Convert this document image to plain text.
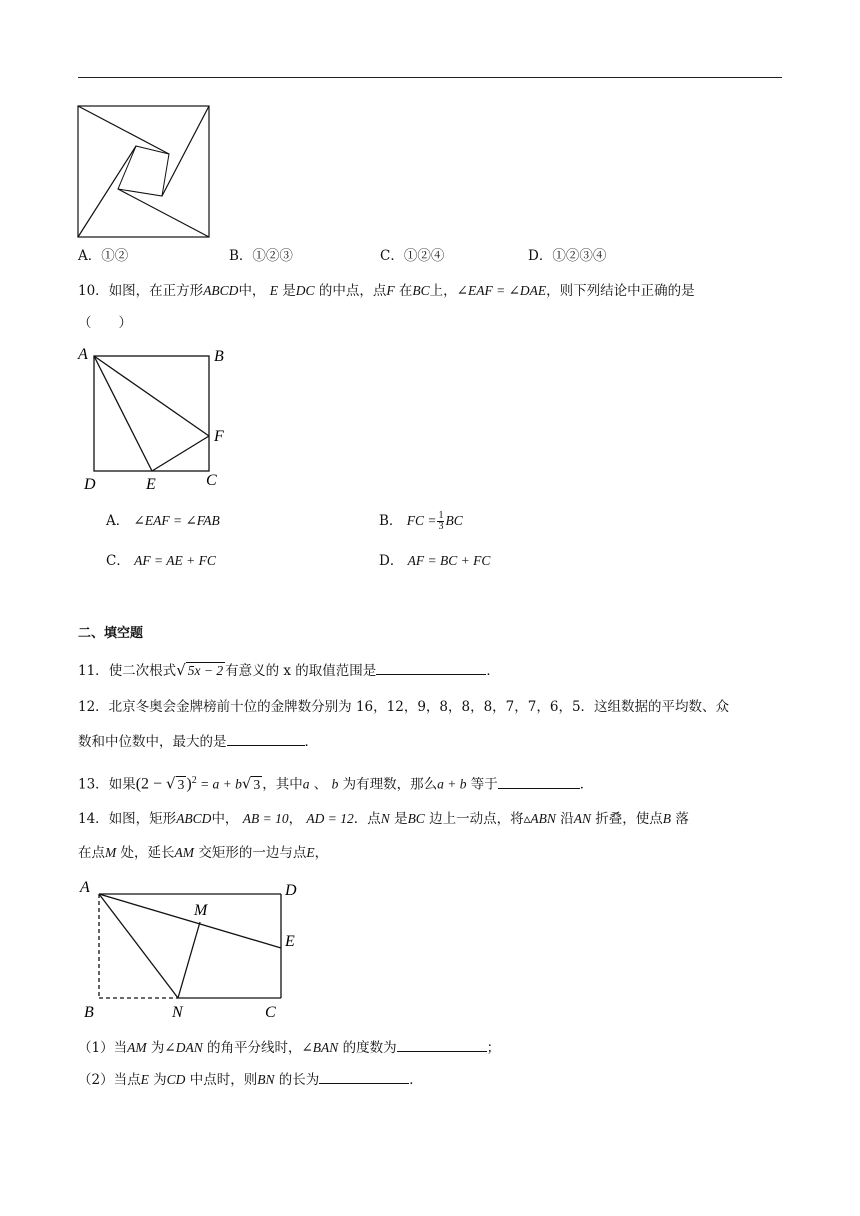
A．①②	B．①②③	C．①②④	D．①②③④
10．如图，在正方形ABCD中， E 是DC 的中点，点F 在BC上，∠EAF = ∠DAE，则下列结论中正确的是
（　　）
A	B
F
D	E	C
A． ∠EAF = ∠FAB	B． FC = $\frac{1}{3}$ BC
C． AF = AE + FC	D． AF = BC + FC
二、填空题
11．使二次根式√ 5x − 2 有意义的 x 的取值范围是	．
12．北京冬奥会金牌榜前十位的金牌数分别为 16，12，9，8，8，8，7，7，6，5．这组数据的平均数、众
数和中位数中，最大的是	．
13．如果(2 − √ 3 )$^2$ = a + b√ 3 ，其中a 、 b 为有理数，那么a + b 等于	．
14．如图，矩形ABCD中， AB = 10， AD = 12．点N 是BC 边上一动点，将▵ABN 沿AN 折叠，使点B 落
在点M 处，延长AM 交矩形的一边与点E，
A	D
M
E
B	N	C
（1）当AM 为∠DAN 的角平分线时，∠BAN 的度数为	；
（2）当点E 为CD 中点时，则BN 的长为	．
